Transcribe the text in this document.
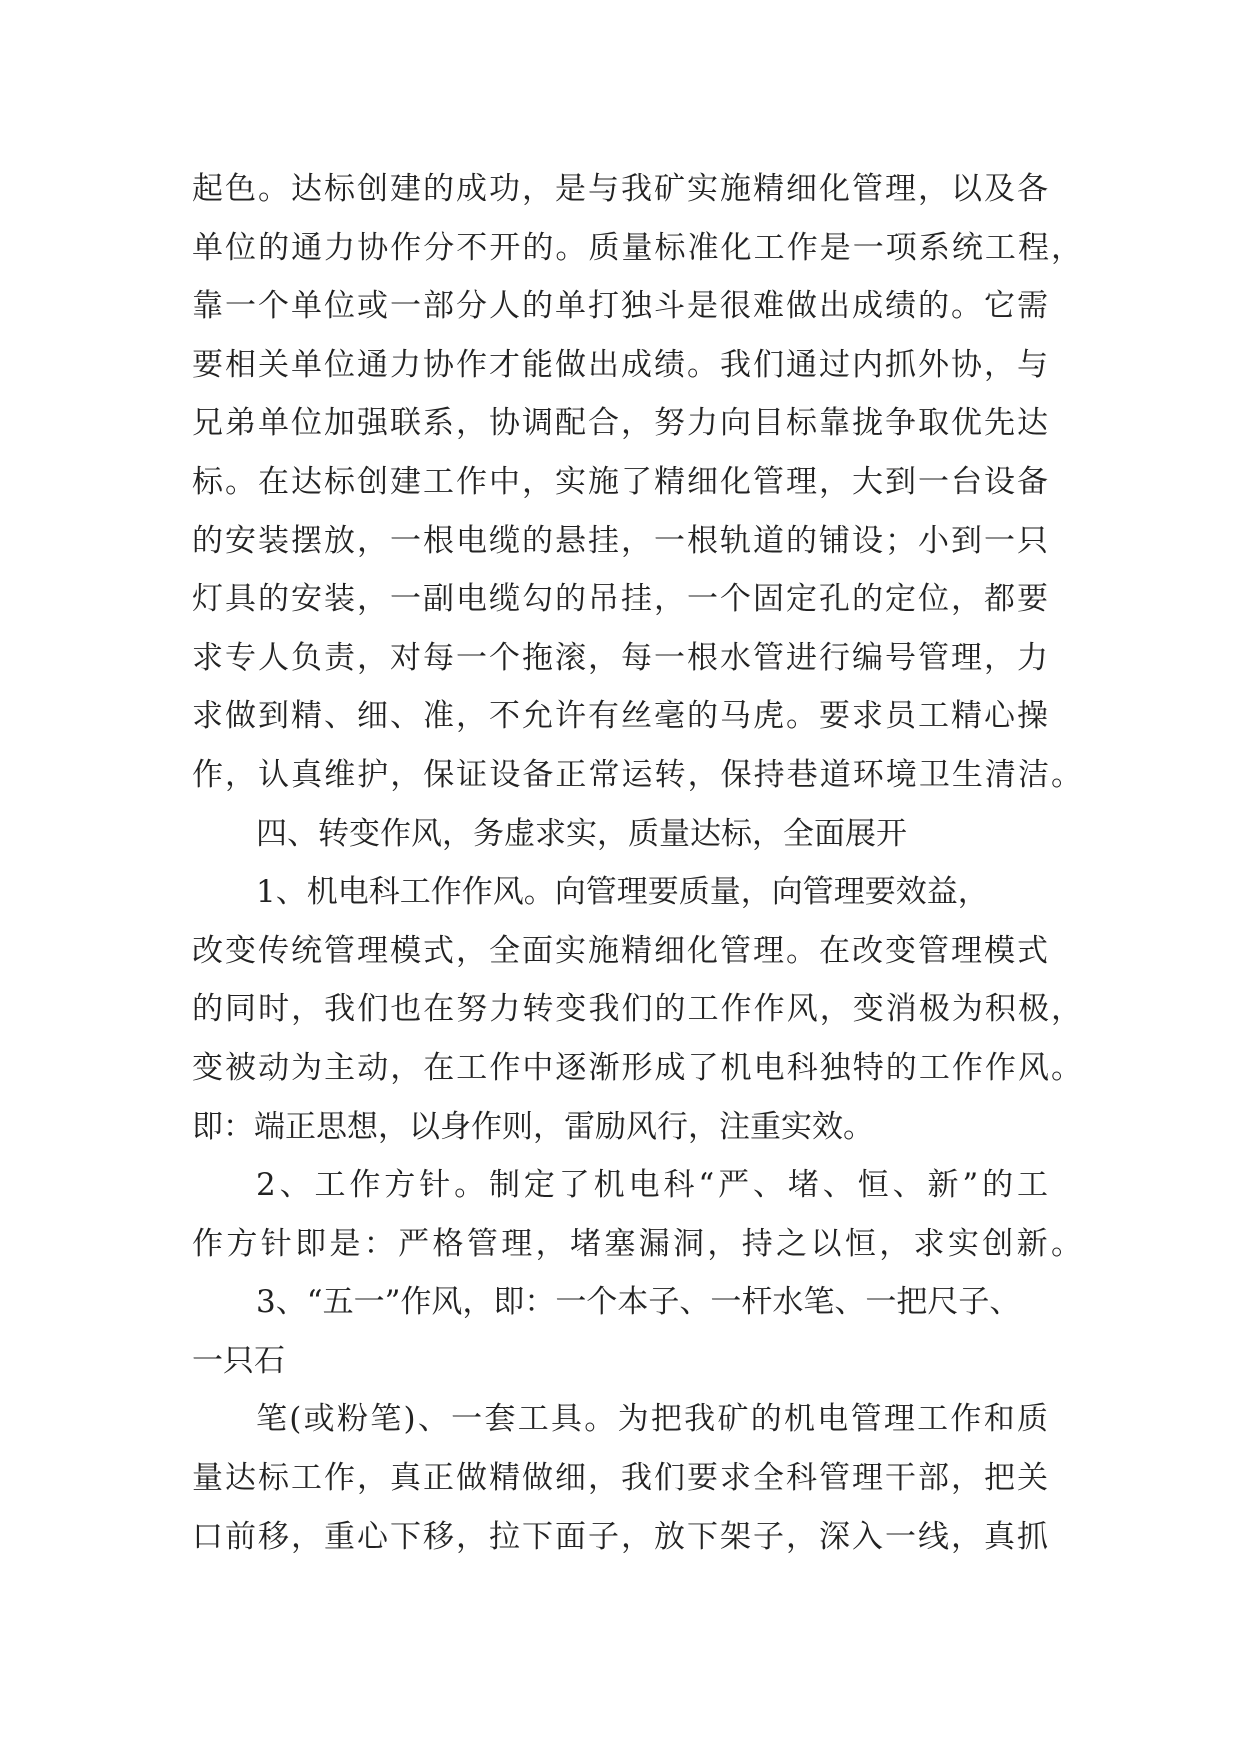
起色。达标创建的成功，是与我矿实施精细化管理，以及各
单位的通力协作分不开的。质量标准化工作是一项系统工程，
靠一个单位或一部分人的单打独斗是很难做出成绩的。它需
要相关单位通力协作才能做出成绩。我们通过内抓外协，与
兄弟单位加强联系，协调配合，努力向目标靠拢争取优先达
标。在达标创建工作中，实施了精细化管理，大到一台设备
的安装摆放，一根电缆的悬挂，一根轨道的铺设；小到一只
灯具的安装，一副电缆勾的吊挂，一个固定孔的定位，都要
求专人负责，对每一个拖滚，每一根水管进行编号管理，力
求做到精、细、准，不允许有丝毫的马虎。要求员工精心操
作，认真维护，保证设备正常运转，保持巷道环境卫生清洁。
四、转变作风，务虚求实，质量达标，全面展开
1、机电科工作作风。向管理要质量，向管理要效益，
改变传统管理模式，全面实施精细化管理。在改变管理模式
的同时，我们也在努力转变我们的工作作风，变消极为积极，
变被动为主动，在工作中逐渐形成了机电科独特的工作作风。
即：端正思想，以身作则，雷励风行，注重实效。
2、工作方针。制定了机电科“严、堵、恒、新”的工
作方针即是：严格管理，堵塞漏洞，持之以恒，求实创新。
3、“五一”作风，即：一个本子、一杆水笔、一把尺子、
一只石
笔(或粉笔)、一套工具。为把我矿的机电管理工作和质
量达标工作，真正做精做细，我们要求全科管理干部，把关
口前移，重心下移，拉下面子，放下架子，深入一线，真抓
